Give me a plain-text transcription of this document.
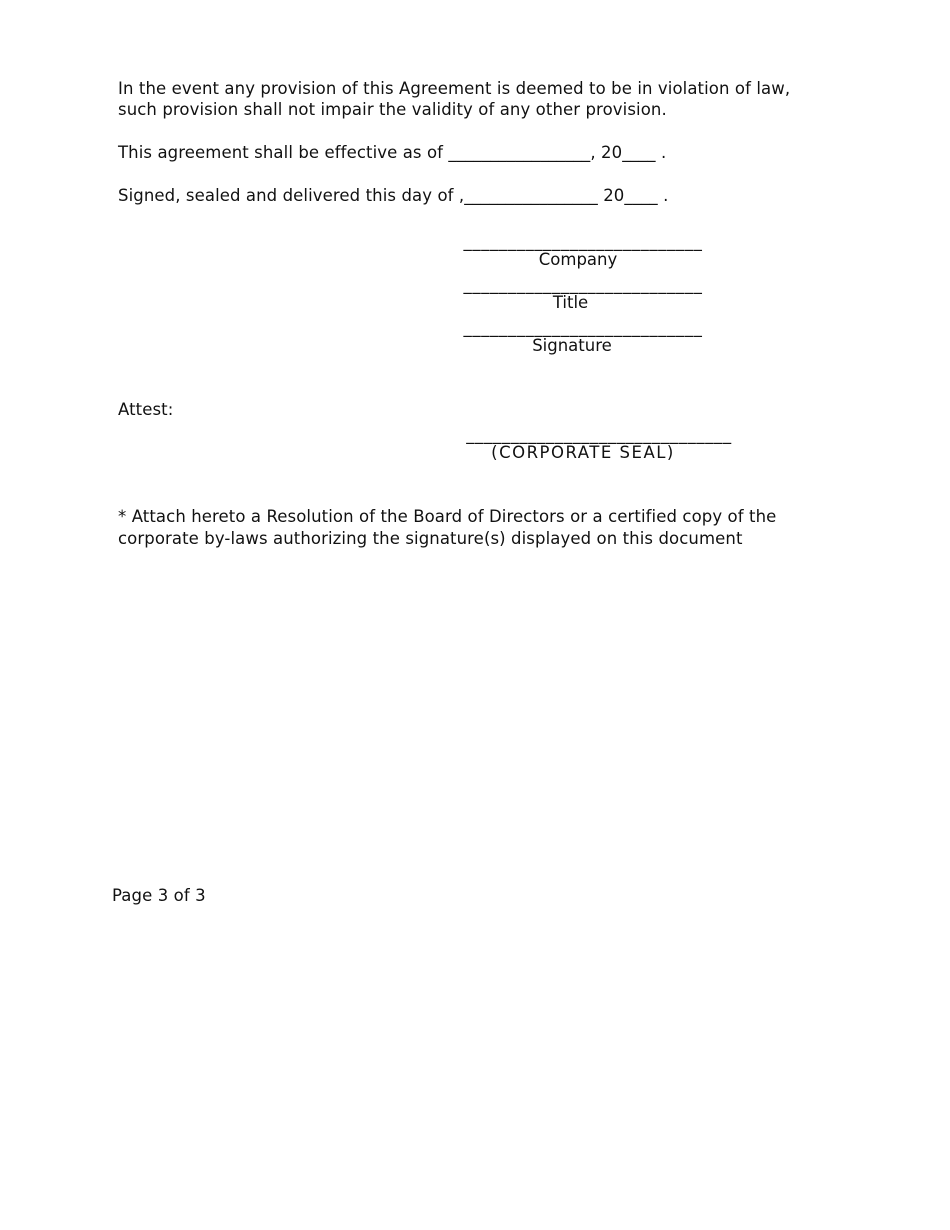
In the event any provision of this Agreement is deemed to be in violation of law,
such provision shall not impair the validity of any other provision.
This agreement shall be effective as of _________________, 20____ .
Signed, sealed and delivered this day of ,________________ 20____ .
___________________________
Company
___________________________
Title
___________________________
Signature
Attest:
______________________________
(CORPORATE SEAL)
* Attach hereto a Resolution of the Board of Directors or a certified copy of the
corporate by-laws authorizing the signature(s) displayed on this document
Page 3 of 3
